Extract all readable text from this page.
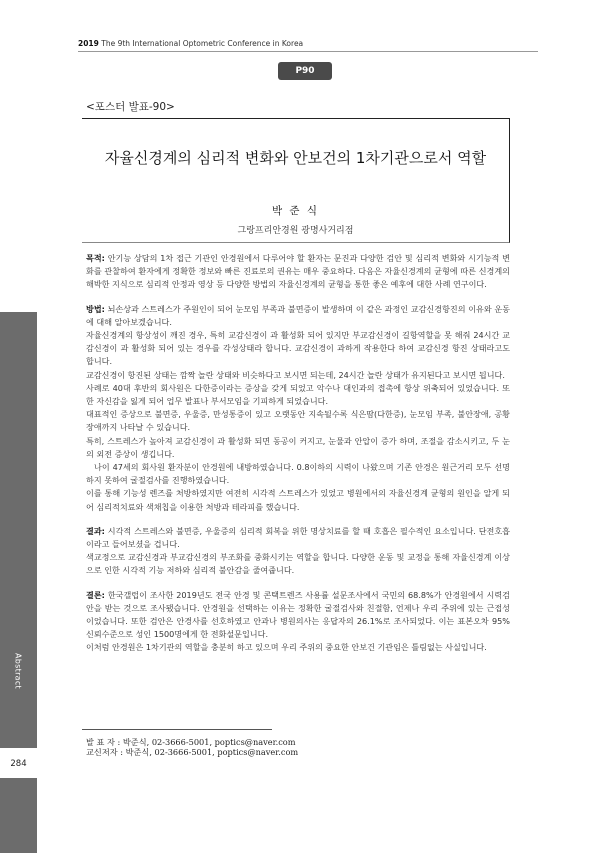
2019 The 9th International Optometric Conference in Korea
P90
<포스터 발표-90>
자율신경계의 심리적 변화와 안보건의 1차기관으로서 역할
박 준 식
그랑프리안경원 광명사거리점

목적: 안기능 상담의 1차 접근 기관인 안경원에서 다루어야 할 환자는 문진과 다양한 검안 및 심리적 변화와 시기능적 변화를 관찰하여 환자에게 정확한 정보와 빠른 진료로의 권유는 매우 중요하다. 다음은 자율신경계의 균형에 따른 신경계의 해박한 지식으로 심리적 안정과 영상 등 다양한 방법의 자율신경계의 균형을 통한 좋은 예후에 대한 사례 연구이다.

방법: 뇌손상과 스트레스가 주원인이 되어 눈모임 부족과 불면증이 발생하며 이 같은 과정인 교감신경항진의 이유와 운동에 대해 알아보겠습니다.

자율신경계의 항상성이 깨진 경우, 특히 교감신경이 과 활성화 되어 있지만 부교감신경이 길항역할을 못 해줘 24시간 교감신경이 과 활성화 되어 있는 경우를 각성상태라 합니다. 교감신경이 과하게 작용한다 하여 교감신경 항진 상태라고도 합니다.

교감신경이 항진된 상태는 깜짝 놀란 상태와 비슷하다고 보시면 되는데, 24시간 놀란 상태가 유지된다고 보시면 됩니다.

사례로 40대 후반의 회사원은 다한증이라는 증상을 갖게 되었고 악수나 대인과의 접촉에 항상 위축되어 있었습니다. 또한 자신감을 잃게 되어 업무 발표나 부서모임을 기피하게 되었습니다.

대표적인 증상으로 불면증, 우울증, 만성통증이 있고 오랫동안 지속될수록 식은땀(다한증), 눈모임 부족, 불안장애, 공황장애까지 나타날 수 있습니다.

특히, 스트레스가 높아져 교감신경이 과 활성화 되면 동공이 커지고, 눈물과 안압이 증가 하며, 조절을 감소시키고, 두 눈의 외전 증상이 생깁니다.

나이 47세의 회사원 환자분이 안경원에 내방하였습니다. 0.8이하의 시력이 나왔으며 기존 안경은 원근거리 모두 선명하지 못하여 굴절검사를 진행하였습니다.

이를 통해 기능성 렌즈를 처방하였지만 여전히 시각적 스트레스가 있었고 병원에서의 자율신경계 균형의 원인을 알게 되어 심리적치료와 색채칩을 이용한 처방과 테라피를 했습니다.

결과: 시각적 스트레스와 불면증, 우울증의 심리적 회복을 위한 명상치료를 할 때 호흡은 필수적인 요소입니다. 단전호흡이라고 들어보셨을 겁니다.

색교정으로 교감신경과 부교감신경의 부조화를 중화시키는 역할을 합니다. 다양한 운동 및 교정을 통해 자율신경계 이상으로 인한 시각적 기능 저하와 심리적 불안감을 줄여줍니다.

결론: 한국갤럽이 조사한 2019년도 전국 안경 및 콘택트렌즈 사용률 설문조사에서 국민의 68.8%가 안경원에서 시력검안을 받는 것으로 조사됐습니다. 안경원을 선택하는 이유는 정확한 굴절검사와 친절함, 언제나 우리 주위에 있는 근접성 이었습니다. 또한 검안은 안경사를 선호하였고 안과나 병원의사는 응답자의 26.1%로 조사되었다. 이는 표본오차 95% 신뢰수준으로 성인 1500명에게 한 전화설문입니다.

이처럼 안경원은 1차기관의 역할을 충분히 하고 있으며 우리 주위의 중요한 안보건 기관임은 틀림없는 사실입니다.

발 표 자 : 박준식, 02-3666-5001, poptics@naver.com
교신저자 : 박준식, 02-3666-5001, poptics@naver.com
Abstract
284
